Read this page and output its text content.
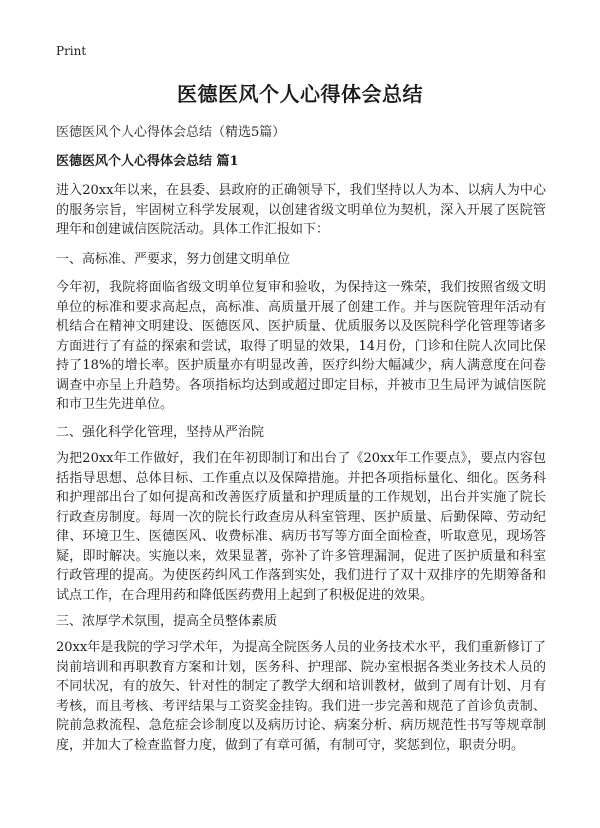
Print
医德医风个人心得体会总结
医德医风个人心得体会总结（精选5篇）
医德医风个人心得体会总结 篇1
进入20xx年以来，在县委、县政府的正确领导下，我们坚持以人为本、以病人为中心的服务宗旨，牢固树立科学发展观，以创建省级文明单位为契机，深入开展了医院管理年和创建诚信医院活动。具体工作汇报如下：
一、高标准、严要求，努力创建文明单位
今年初，我院将面临省级文明单位复审和验收，为保持这一殊荣，我们按照省级文明单位的标准和要求高起点，高标准、高质量开展了创建工作。并与医院管理年活动有机结合在精神文明建设、医德医风、医护质量、优质服务以及医院科学化管理等诸多方面进行了有益的探索和尝试，取得了明显的效果，14月份，门诊和住院人次同比保持了18%的增长率。医护质量亦有明显改善，医疗纠纷大幅减少，病人满意度在问卷调查中亦呈上升趋势。各项指标均达到或超过即定目标，并被市卫生局评为诚信医院和市卫生先进单位。
二、强化科学化管理，坚持从严治院
为把20xx年工作做好，我们在年初即制订和出台了《20xx年工作要点》，要点内容包括指导思想、总体目标、工作重点以及保障措施。并把各项指标量化、细化。医务科和护理部出台了如何提高和改善医疗质量和护理质量的工作规划，出台并实施了院长行政查房制度。每周一次的院长行政查房从科室管理、医护质量、后勤保障、劳动纪律、环境卫生、医德医风、收费标准、病历书写等方面全面检查，听取意见，现场答疑，即时解决。实施以来，效果显著，弥补了许多管理漏洞，促进了医护质量和科室行政管理的提高。为使医药纠风工作落到实处，我们进行了双十双排序的先期筹备和试点工作，在合理用药和降低医药费用上起到了积极促进的效果。
三、浓厚学术氛围，提高全员整体素质
20xx年是我院的学习学术年，为提高全院医务人员的业务技术水平，我们重新修订了岗前培训和再职教育方案和计划，医务科、护理部、院办室根据各类业务技术人员的不同状况，有的放矢、针对性的制定了教学大纲和培训教材，做到了周有计划、月有考核，而且考核、考评结果与工资奖金挂钩。我们进一步完善和规范了首诊负责制、院前急救流程、急危症会诊制度以及病历讨论、病案分析、病历规范性书写等规章制度，并加大了检查监督力度，做到了有章可循，有制可守，奖惩到位，职责分明。
